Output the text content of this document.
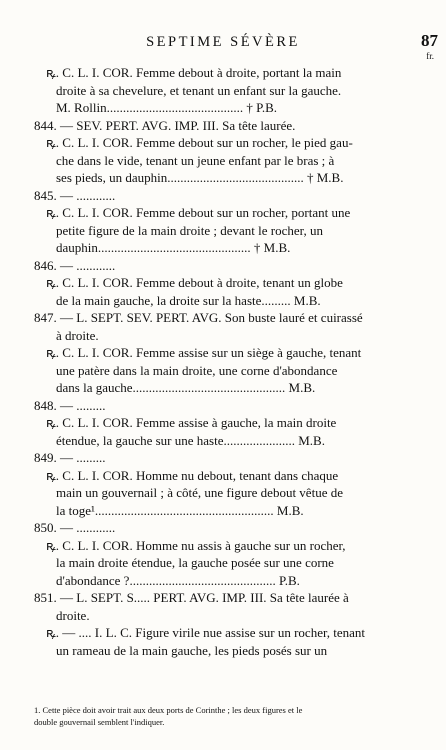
SEPTIME SÉVÈRE	87
fr.
ꝶ. C. L. I. COR. Femme debout à droite, portant la main
droite à sa chevelure, et tenant un enfant sur la gauche.
M. Rollin.......................................... † P.B.
844. — SEV. PERT. AVG. IMP. III. Sa tête laurée.
ꝶ. C. L. I. COR. Femme debout sur un rocher, le pied gau-
che dans le vide, tenant un jeune enfant par le bras ; à
ses pieds, un dauphin.......................................... † M.B.
845. — ............
ꝶ. C. L. I. COR. Femme debout sur un rocher, portant une
petite figure de la main droite ; devant le rocher, un
dauphin............................................... † M.B.
846. — ............
ꝶ. C. L. I. COR. Femme debout à droite, tenant un globe
de la main gauche, la droite sur la haste......... M.B.
847. — L. SEPT. SEV. PERT. AVG. Son buste lauré et cuirassé
à droite.
ꝶ. C. L. I. COR. Femme assise sur un siège à gauche, tenant
une patère dans la main droite, une corne d'abondance
dans la gauche............................................... M.B.
848. — .........
ꝶ. C. L. I. COR. Femme assise à gauche, la main droite
étendue, la gauche sur une haste...................... M.B.
849. — .........
ꝶ. C. L. I. COR. Homme nu debout, tenant dans chaque
main un gouvernail ; à côté, une figure debout vêtue de
la toge¹....................................................... M.B.
850. — ............
ꝶ. C. L. I. COR. Homme nu assis à gauche sur un rocher,
la main droite étendue, la gauche posée sur une corne
d'abondance ?............................................. P.B.
851. — L. SEPT. S..... PERT. AVG. IMP. III. Sa tête laurée à
droite.
ꝶ. — .... I. L. C. Figure virile nue assise sur un rocher, tenant
un rameau de la main gauche, les pieds posés sur un
1. Cette pièce doit avoir trait aux deux ports de Corinthe ; les deux figures et le
double gouvernail semblent l'indiquer.
